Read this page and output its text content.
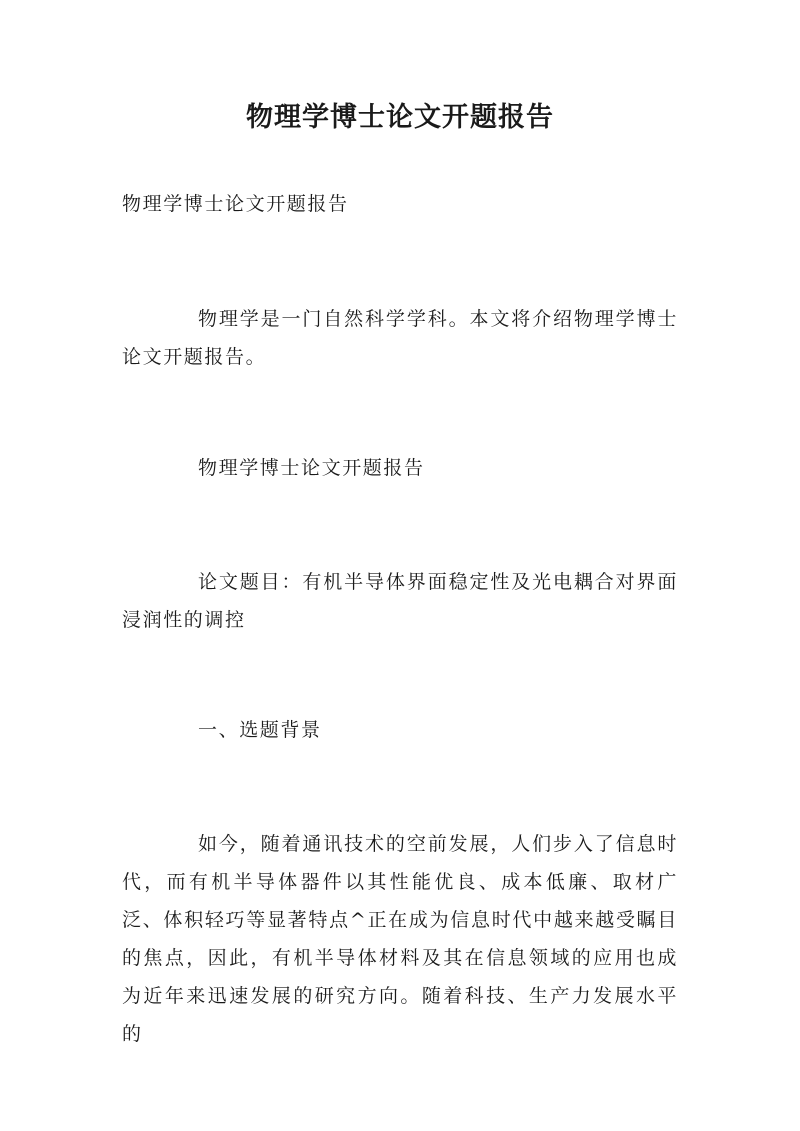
物理学博士论文开题报告

物理学博士论文开题报告

物理学是一门自然科学学科。本文将介绍物理学博士论文开题报告。

物理学博士论文开题报告

论文题目：有机半导体界面稳定性及光电耦合对界面浸润性的调控

一、选题背景

如今，随着通讯技术的空前发展，人们步入了信息时代，而有机半导体器件以其性能优良、成本低廉、取材广泛、体积轻巧等显著特点^正在成为信息时代中越来越受瞩目的焦点，因此，有机半导体材料及其在信息领域的应用也成为近年来迅速发展的研究方向。随着科技、生产力发展水平的
